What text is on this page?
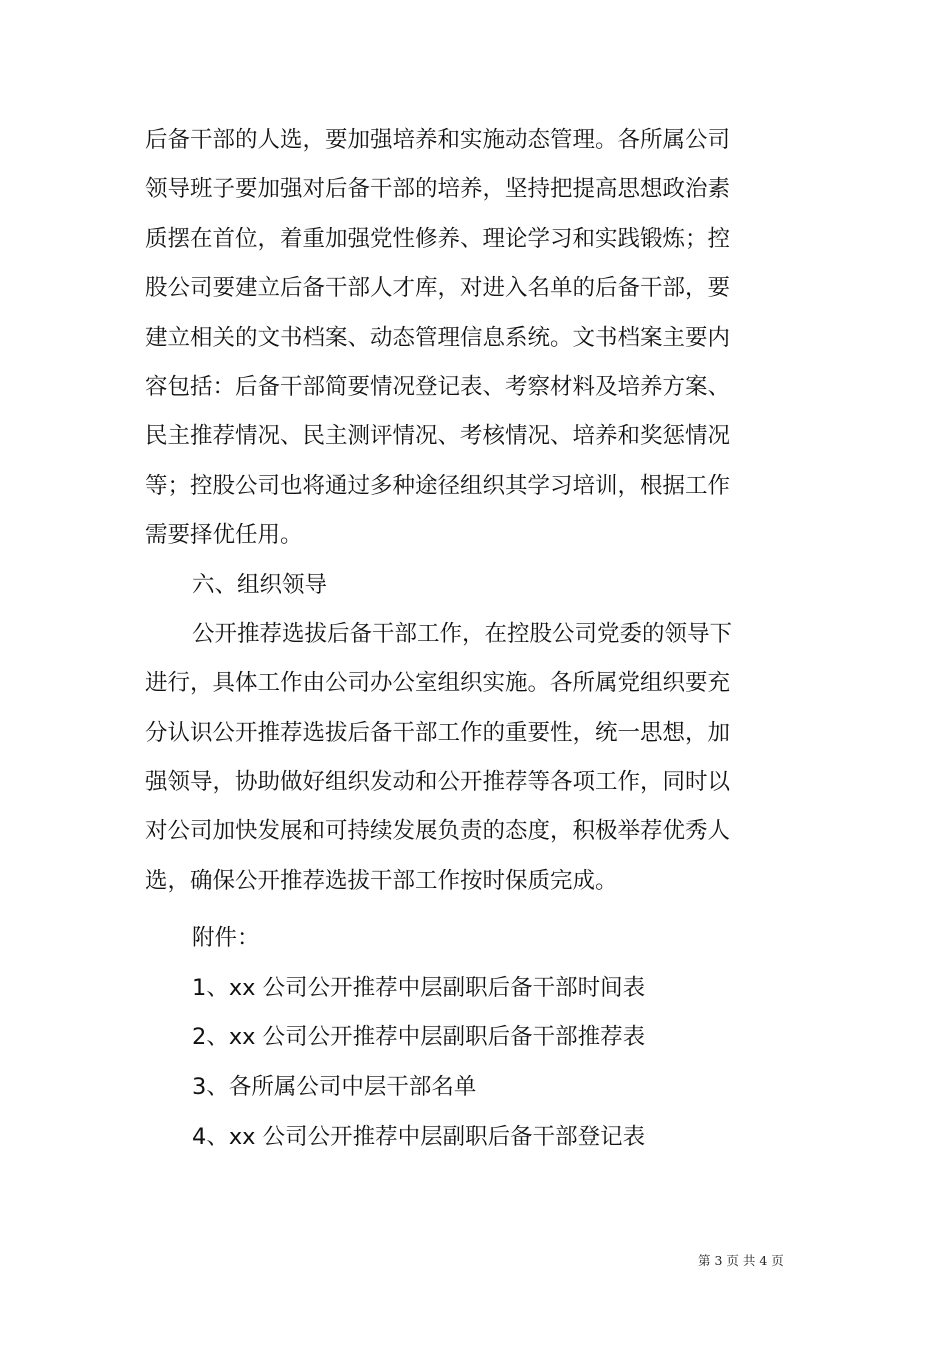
后备干部的人选，要加强培养和实施动态管理。各所属公司
领导班子要加强对后备干部的培养，坚持把提高思想政治素
质摆在首位，着重加强党性修养、理论学习和实践锻炼；控
股公司要建立后备干部人才库，对进入名单的后备干部，要
建立相关的文书档案、动态管理信息系统。文书档案主要内
容包括：后备干部简要情况登记表、考察材料及培养方案、
民主推荐情况、民主测评情况、考核情况、培养和奖惩情况
等；控股公司也将通过多种途径组织其学习培训，根据工作
需要择优任用。
六、组织领导
公开推荐选拔后备干部工作，在控股公司党委的领导下
进行，具体工作由公司办公室组织实施。各所属党组织要充
分认识公开推荐选拔后备干部工作的重要性，统一思想，加
强领导，协助做好组织发动和公开推荐等各项工作，同时以
对公司加快发展和可持续发展负责的态度，积极举荐优秀人
选，确保公开推荐选拔干部工作按时保质完成。
附件：
1、xx 公司公开推荐中层副职后备干部时间表
2、xx 公司公开推荐中层副职后备干部推荐表
3、各所属公司中层干部名单
4、xx 公司公开推荐中层副职后备干部登记表
第 3 页 共 4 页
